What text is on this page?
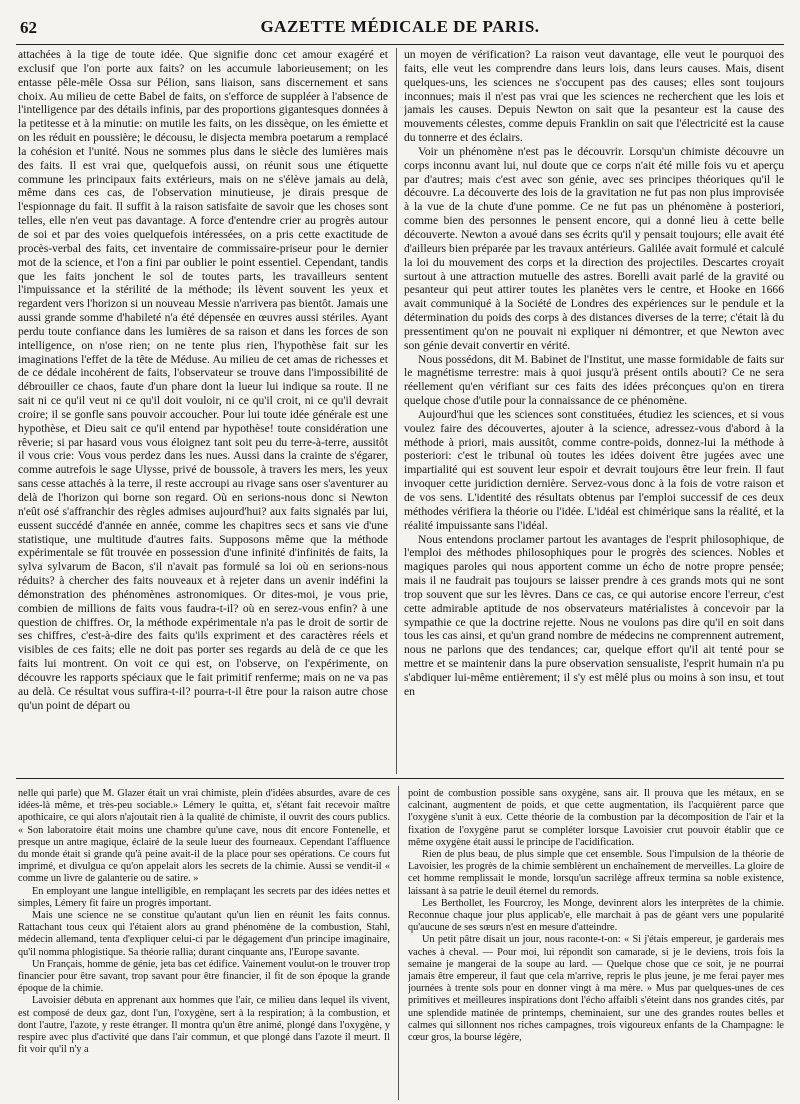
62	GAZETTE MÉDICALE DE PARIS.

attachées à la tige de toute idée. Que signifie donc cet amour exagéré et exclusif que l'on porte aux faits? on les accumule laborieusement; on les entasse pêle-mêle Ossa sur Pélion, sans liaison, sans discernement et sans choix. Au milieu de cette Babel de faits, on s'efforce de suppléer à l'absence de l'intelligence par des détails infinis, par des proportions gigantesques données à la petitesse et à la minutie: on mutile les faits, on les dissèque, on les émiette et on les réduit en poussière; le décousu, le disjecta membra poetarum a remplacé la cohésion et l'unité. Nous ne sommes plus dans le siècle des lumières mais des faits. Il est vrai que, quelquefois aussi, on réunit sous une étiquette commune les principaux faits extérieurs, mais on ne s'élève jamais au delà, même dans ces cas, de l'observation minutieuse, je dirais presque de l'espionnage du fait. Il suffit à la raison satisfaite de savoir que les choses sont telles, elle n'en veut pas davantage. A force d'entendre crier au progrès autour de soi et par des voies quelquefois intéressées, on a pris cette exactitude de procès-verbal des faits, cet inventaire de commissaire-priseur pour le dernier mot de la science, et l'on a fini par oublier le point essentiel. Cependant, tandis que les faits jonchent le sol de toutes parts, les travailleurs sentent l'impuissance et la stérilité de la méthode; ils lèvent souvent les yeux et regardent vers l'horizon si un nouveau Messie n'arrivera pas bientôt. Jamais une aussi grande somme d'habileté n'a été dépensée en œuvres aussi stériles. Ayant perdu toute confiance dans les lumières de sa raison et dans les forces de son intelligence, on n'ose rien; on ne tente plus rien, l'hypothèse fait sur les imaginations l'effet de la tête de Méduse. Au milieu de cet amas de richesses et de ce dédale incohérent de faits, l'observateur se trouve dans l'impossibilité de débrouiller ce chaos, faute d'un phare dont la lueur lui indique sa route. Il ne sait ni ce qu'il veut ni ce qu'il doit vouloir, ni ce qu'il croit, ni ce qu'il devrait croire; il se gonfle sans pouvoir accoucher. Pour lui toute idée générale est une hypothèse, et Dieu sait ce qu'il entend par hypothèse! toute considération une rêverie; si par hasard vous vous éloignez tant soit peu du terre-à-terre, aussitôt il vous crie: Vous vous perdez dans les nues. Aussi dans la crainte de s'égarer, comme autrefois le sage Ulysse, privé de boussole, à travers les mers, les yeux sans cesse attachés à la terre, il reste accroupi au rivage sans oser s'aventurer au delà de l'horizon qui borne son regard. Où en serions-nous donc si Newton n'eût osé s'affranchir des règles admises aujourd'hui? aux faits signalés par lui, eussent succédé d'année en année, comme les chapitres secs et sans vie d'une statistique, une multitude d'autres faits. Supposons même que la méthode expérimentale se fût trouvée en possession d'une infinité d'infinités de faits, la sylva sylvarum de Bacon, s'il n'avait pas formulé sa loi où en serions-nous réduits? à chercher des faits nouveaux et à rejeter dans un avenir indéfini la démonstration des phénomènes astronomiques. Or dites-moi, je vous prie, combien de millions de faits vous faudra-t-il? où en serez-vous enfin? à une question de chiffres. Or, la méthode expérimentale n'a pas le droit de sortir de ses chiffres, c'est-à-dire des faits qu'ils expriment et des caractères réels et visibles de ces faits; elle ne doit pas porter ses regards au delà de ce que les faits lui montrent. On voit ce qui est, on l'observe, on l'expérimente, on découvre les rapports spéciaux que le fait primitif renferme; mais on ne va pas au delà. Ce résultat vous suffira-t-il? pourra-t-il être pour la raison autre chose qu'un point de départ ou

un moyen de vérification? La raison veut davantage, elle veut le pourquoi des faits, elle veut les comprendre dans leurs lois, dans leurs causes. Mais, disent quelques-uns, les sciences ne s'occupent pas des causes; elles sont toujours inconnues; mais il n'est pas vrai que les sciences ne recherchent que les lois et jamais les causes. Depuis Newton on sait que la pesanteur est la cause des mouvements célestes, comme depuis Franklin on sait que l'électricité est la cause du tonnerre et des éclairs.

Voir un phénomène n'est pas le découvrir. Lorsqu'un chimiste découvre un corps inconnu avant lui, nul doute que ce corps n'ait été mille fois vu et aperçu par d'autres; mais c'est avec son génie, avec ses principes théoriques qu'il le découvre. La découverte des lois de la gravitation ne fut pas non plus improvisée à la vue de la chute d'une pomme. Ce ne fut pas un phénomène à posteriori, comme bien des personnes le pensent encore, qui a donné lieu à cette belle découverte. Newton a avoué dans ses écrits qu'il y pensait toujours; elle avait été d'ailleurs bien préparée par les travaux antérieurs. Galilée avait formulé et calculé la loi du mouvement des corps et la direction des projectiles. Descartes croyait surtout à une attraction mutuelle des astres. Borelli avait parlé de la gravité ou pesanteur qui peut attirer toutes les planètes vers le centre, et Hooke en 1666 avait communiqué à la Société de Londres des expériences sur le pendule et la détermination du poids des corps à des distances diverses de la terre; c'était là du pressentiment qu'on ne pouvait ni expliquer ni démontrer, et que Newton avec son génie devait convertir en vérité.

Nous possédons, dit M. Babinet de l'Institut, une masse formidable de faits sur le magnétisme terrestre: mais à quoi jusqu'à présent ontils abouti? Ce ne sera réellement qu'en vérifiant sur ces faits des idées préconçues qu'on en tirera quelque chose d'utile pour la connaissance de ce phénomène.

Aujourd'hui que les sciences sont constituées, étudiez les sciences, et si vous voulez faire des découvertes, ajouter à la science, adressez-vous d'abord à la méthode à priori, mais aussitôt, comme contre-poids, donnez-lui la méthode à posteriori: c'est le tribunal où toutes les idées doivent être jugées avec une impartialité qui est souvent leur espoir et devrait toujours être leur frein. Il faut invoquer cette juridiction dernière. Servez-vous donc à la fois de votre raison et de vos sens. L'identité des résultats obtenus par l'emploi successif de ces deux méthodes vérifiera la théorie ou l'idée. L'idéal est chimérique sans la réalité, et la réalité impuissante sans l'idéal.

Nous entendons proclamer partout les avantages de l'esprit philosophique, de l'emploi des méthodes philosophiques pour le progrès des sciences. Nobles et magiques paroles qui nous apportent comme un écho de notre propre pensée; mais il ne faudrait pas toujours se laisser prendre à ces grands mots qui ne sont trop souvent que sur les lèvres. Dans ce cas, ce qui autorise encore l'erreur, c'est cette admirable aptitude de nos observateurs matérialistes à concevoir par la sympathie ce que la doctrine rejette. Nous ne voulons pas dire qu'il en soit dans tous les cas ainsi, et qu'un grand nombre de médecins ne comprennent autrement, nous ne parlons que des tendances; car, quelque effort qu'il ait tenté pour se mettre et se maintenir dans la pure observation sensualiste, l'esprit humain n'a pu s'abdiquer lui-même entièrement; il s'y est mêlé plus ou moins à son insu, et tout en

nelle qui parle) que M. Glazer était un vrai chimiste, plein d'idées absurdes, avare de ces idées-là même, et très-peu sociable.» Lémery le quitta, et, s'étant fait recevoir maître apothicaire, ce qui alors n'ajoutait rien à la qualité de chimiste, il ouvrit des cours publics. « Son laboratoire était moins une chambre qu'une cave, nous dit encore Fontenelle, et presque un antre magique, éclairé de la seule lueur des fourneaux. Cependant l'affluence du monde était si grande qu'à peine avait-il de la place pour ses opérations. Ce cours fut imprimé, et divulgua ce qu'on appelait alors les secrets de la chimie. Aussi se vendit-il « comme un livre de galanterie ou de satire. »

En employant une langue intelligible, en remplaçant les secrets par des idées nettes et simples, Lémery fit faire un progrès important.

Mais une science ne se constitue qu'autant qu'un lien en réunit les faits connus. Rattachant tous ceux qui l'étaient alors au grand phénomène de la combustion, Stahl, médecin allemand, tenta d'expliquer celui-ci par le dégagement d'un principe imaginaire, qu'il nomma phlogistique. Sa théorie rallia; durant cinquante ans, l'Europe savante.

Un Français, homme de génie, jeta bas cet édifice. Vainement voulut-on le trouver trop financier pour être savant, trop savant pour être financier, il fit de son époque la grande époque de la chimie.

Lavoisier débuta en apprenant aux hommes que l'air, ce milieu dans lequel ils vivent, est composé de deux gaz, dont l'un, l'oxygène, sert à la respiration; à la combustion, et dont l'autre, l'azote, y reste étranger. Il montra qu'un être animé, plongé dans l'oxygène, y respire avec plus d'activité que dans l'air commun, et que plongé dans l'azote il meurt. Il fit voir qu'il n'y a

point de combustion possible sans oxygène, sans air. Il prouva que les métaux, en se calcinant, augmentent de poids, et que cette augmentation, ils l'acquièrent parce que l'oxygène s'unit à eux. Cette théorie de la combustion par la décomposition de l'air et la fixation de l'oxygène parut se compléter lorsque Lavoisier crut pouvoir établir que ce même oxygène était aussi le principe de l'acidification.

Rien de plus beau, de plus simple que cet ensemble. Sous l'impulsion de la théorie de Lavoisier, les progrès de la chimie semblèrent un enchaînement de merveilles. La gloire de cet homme remplissait le monde, lorsqu'un sacrilège affreux termina sa noble existence, laissant à sa patrie le deuil éternel du remords.

Les Berthollet, les Fourcroy, les Monge, devinrent alors les interprètes de la chimie. Reconnue chaque jour plus applicab'e, elle marchait à pas de géant vers une popularité qu'aucune de ses sœurs n'est en mesure d'atteindre.

Un petit pâtre disait un jour, nous raconte-t-on: « Si j'étais empereur, je garderais mes vaches à cheval. — Pour moi, lui répondit son camarade, si je le deviens, trois fois la semaine je mangerai de la soupe au lard. — Quelque chose que ce soit, je ne pourrai jamais être empereur, il faut que cela m'arrive, repris le plus jeune, je me ferai payer mes journées à trente sols pour en donner vingt à ma mère. » Mus par quelques-unes de ces primitives et meilleures inspirations dont l'écho affaibli s'éteint dans nos grandes cités, par une splendide matinée de printemps, cheminaient, sur une des grandes routes belles et calmes qui sillonnent nos riches campagnes, trois vigoureux enfants de la Champagne: le cœur gros, la bourse légère,
